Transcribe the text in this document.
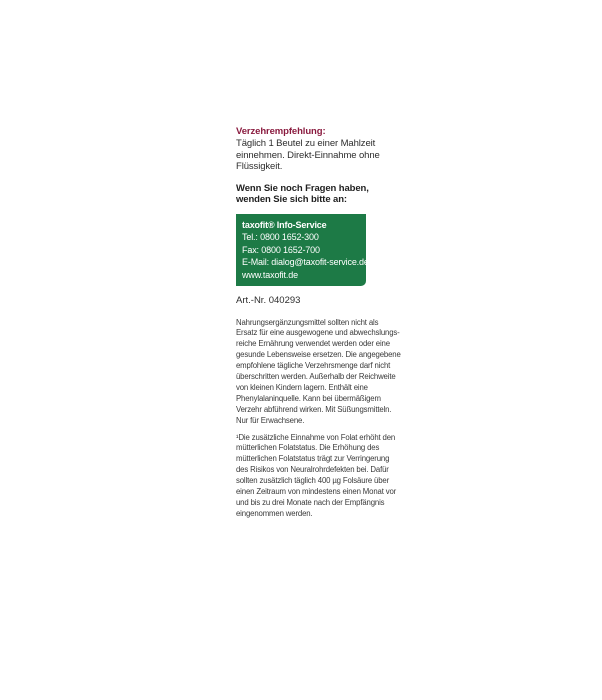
Verzehrempfehlung:
Täglich 1 Beutel zu einer Mahlzeit
einnehmen. Direkt-Einnahme ohne
Flüssigkeit.
Wenn Sie noch Fragen haben,
wenden Sie sich bitte an:
taxofit® Info-Service
Tel.: 0800 1652-300
Fax: 0800 1652-700
E-Mail: dialog@taxofit-service.de
www.taxofit.de
Art.-Nr. 040293
Nahrungsergänzungsmittel sollten nicht als
Ersatz für eine ausgewogene und abwechslungs-
reiche Ernährung verwendet werden oder eine
gesunde Lebensweise ersetzen. Die angegebene
empfohlene tägliche Verzehrsmenge darf nicht
überschritten werden. Außerhalb der Reichweite
von kleinen Kindern lagern. Enthält eine
Phenylalaninquelle. Kann bei übermäßigem
Verzehr abführend wirken. Mit Süßungsmitteln.
Nur für Erwachsene.
¹Die zusätzliche Einnahme von Folat erhöht den
mütterlichen Folatstatus. Die Erhöhung des
mütterlichen Folatstatus trägt zur Verringerung
des Risikos von Neuralrohrdefekten bei. Dafür
sollten zusätzlich täglich 400 µg Folsäure über
einen Zeitraum von mindestens einen Monat vor
und bis zu drei Monate nach der Empfängnis
eingenommen werden.
